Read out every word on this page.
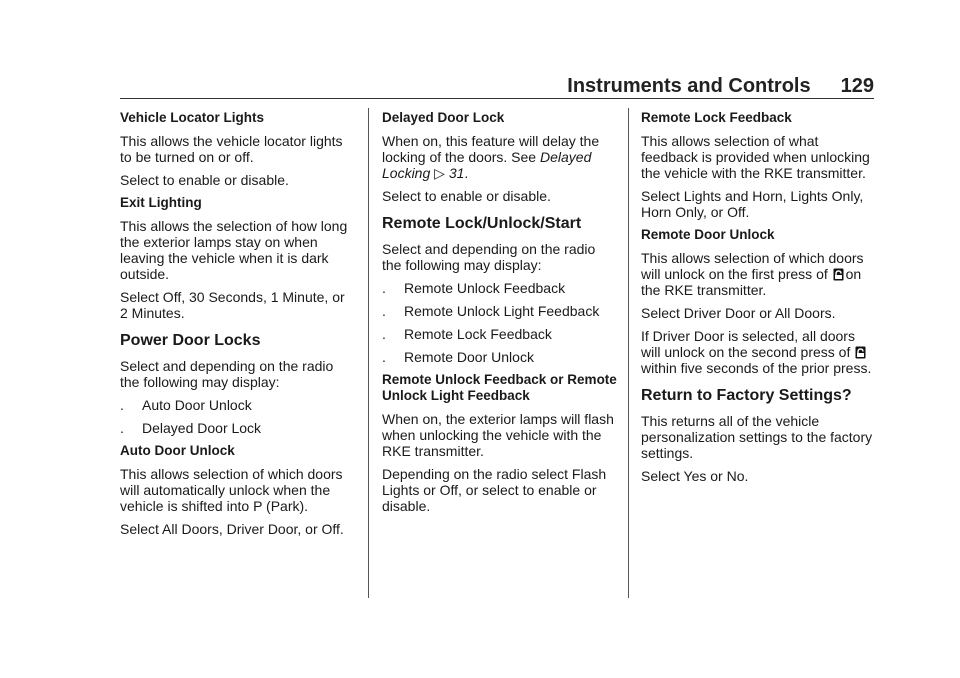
Instruments and Controls 129
Vehicle Locator Lights
This allows the vehicle locator lights to be turned on or off.
Select to enable or disable.
Exit Lighting
This allows the selection of how long the exterior lamps stay on when leaving the vehicle when it is dark outside.
Select Off, 30 Seconds, 1 Minute, or 2 Minutes.
Power Door Locks
Select and depending on the radio the following may display:
.	Auto Door Unlock
.	Delayed Door Lock
Auto Door Unlock
This allows selection of which doors will automatically unlock when the vehicle is shifted into P (Park).
Select All Doors, Driver Door, or Off.
Delayed Door Lock
When on, this feature will delay the locking of the doors. See Delayed Locking ▷ 31.
Select to enable or disable.
Remote Lock/Unlock/Start
Select and depending on the radio the following may display:
.	Remote Unlock Feedback
.	Remote Unlock Light Feedback
.	Remote Lock Feedback
.	Remote Door Unlock
Remote Unlock Feedback or Remote Unlock Light Feedback
When on, the exterior lamps will flash when unlocking the vehicle with the RKE transmitter.
Depending on the radio select Flash Lights or Off, or select to enable or disable.
Remote Lock Feedback
This allows selection of what feedback is provided when unlocking the vehicle with the RKE transmitter.
Select Lights and Horn, Lights Only, Horn Only, or Off.
Remote Door Unlock
This allows selection of which doors will unlock on the first press of on the RKE transmitter.
Select Driver Door or All Doors.
If Driver Door is selected, all doors will unlock on the second press of within five seconds of the prior press.
Return to Factory Settings?
This returns all of the vehicle personalization settings to the factory settings.
Select Yes or No.
